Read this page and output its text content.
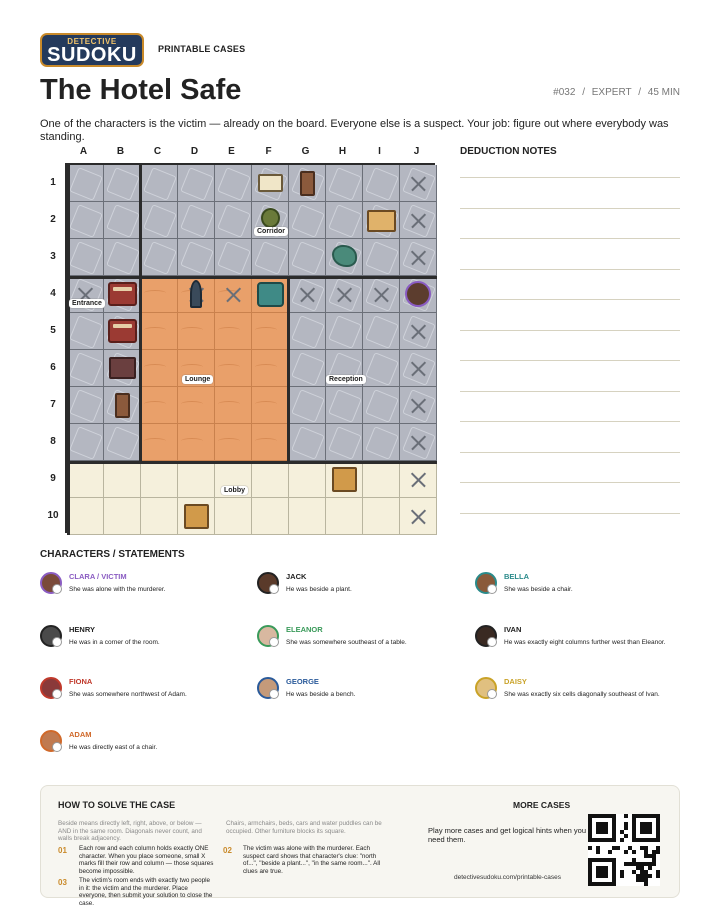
DETECTIVE
SUDOKU	PRINTABLE CASES
The Hotel Safe	#032 / EXPERT / 45 MIN
One of the characters is the victim — already on the board. Everyone else is a suspect. Your job: figure out where everybody was standing.
A	B	C	D	E	F	G	H	I	J
1
2
3
4
5
6
7
8
9
10
Corridor
Entrance
Lounge	Reception
Lobby
DEDUCTION NOTES
CHARACTERS / STATEMENTS
CLARA / VICTIM
She was alone with the murderer.
JACK
He was beside a plant.
BELLA
She was beside a chair.
HENRY
He was in a corner of the room.
ELEANOR
She was somewhere southeast of a table.
IVAN
He was exactly eight columns further west than Eleanor.
FIONA
She was somewhere northwest of Adam.
GEORGE
He was beside a bench.
DAISY
She was exactly six cells diagonally southeast of Ivan.
ADAM
He was directly east of a chair.
HOW TO SOLVE THE CASE
Beside means directly left, right, above, or below — AND in the same room. Diagonals never count, and walls break adjacency.
Chairs, armchairs, beds, cars and water puddles can be occupied. Other furniture blocks its square.
01 Each row and each column holds exactly ONE character. When you place someone, small X marks fill their row and column — those squares become impossible.
02 The victim was alone with the murderer. Each suspect card shows that character's clue: "north of...", "beside a plant...", "in the same room...". All clues are true.
03 The victim's room ends with exactly two people in it: the victim and the murderer. Place everyone, then submit your solution to close the case.
MORE CASES
Play more cases and get logical hints when you need them.
detectivesudoku.com/printable-cases
